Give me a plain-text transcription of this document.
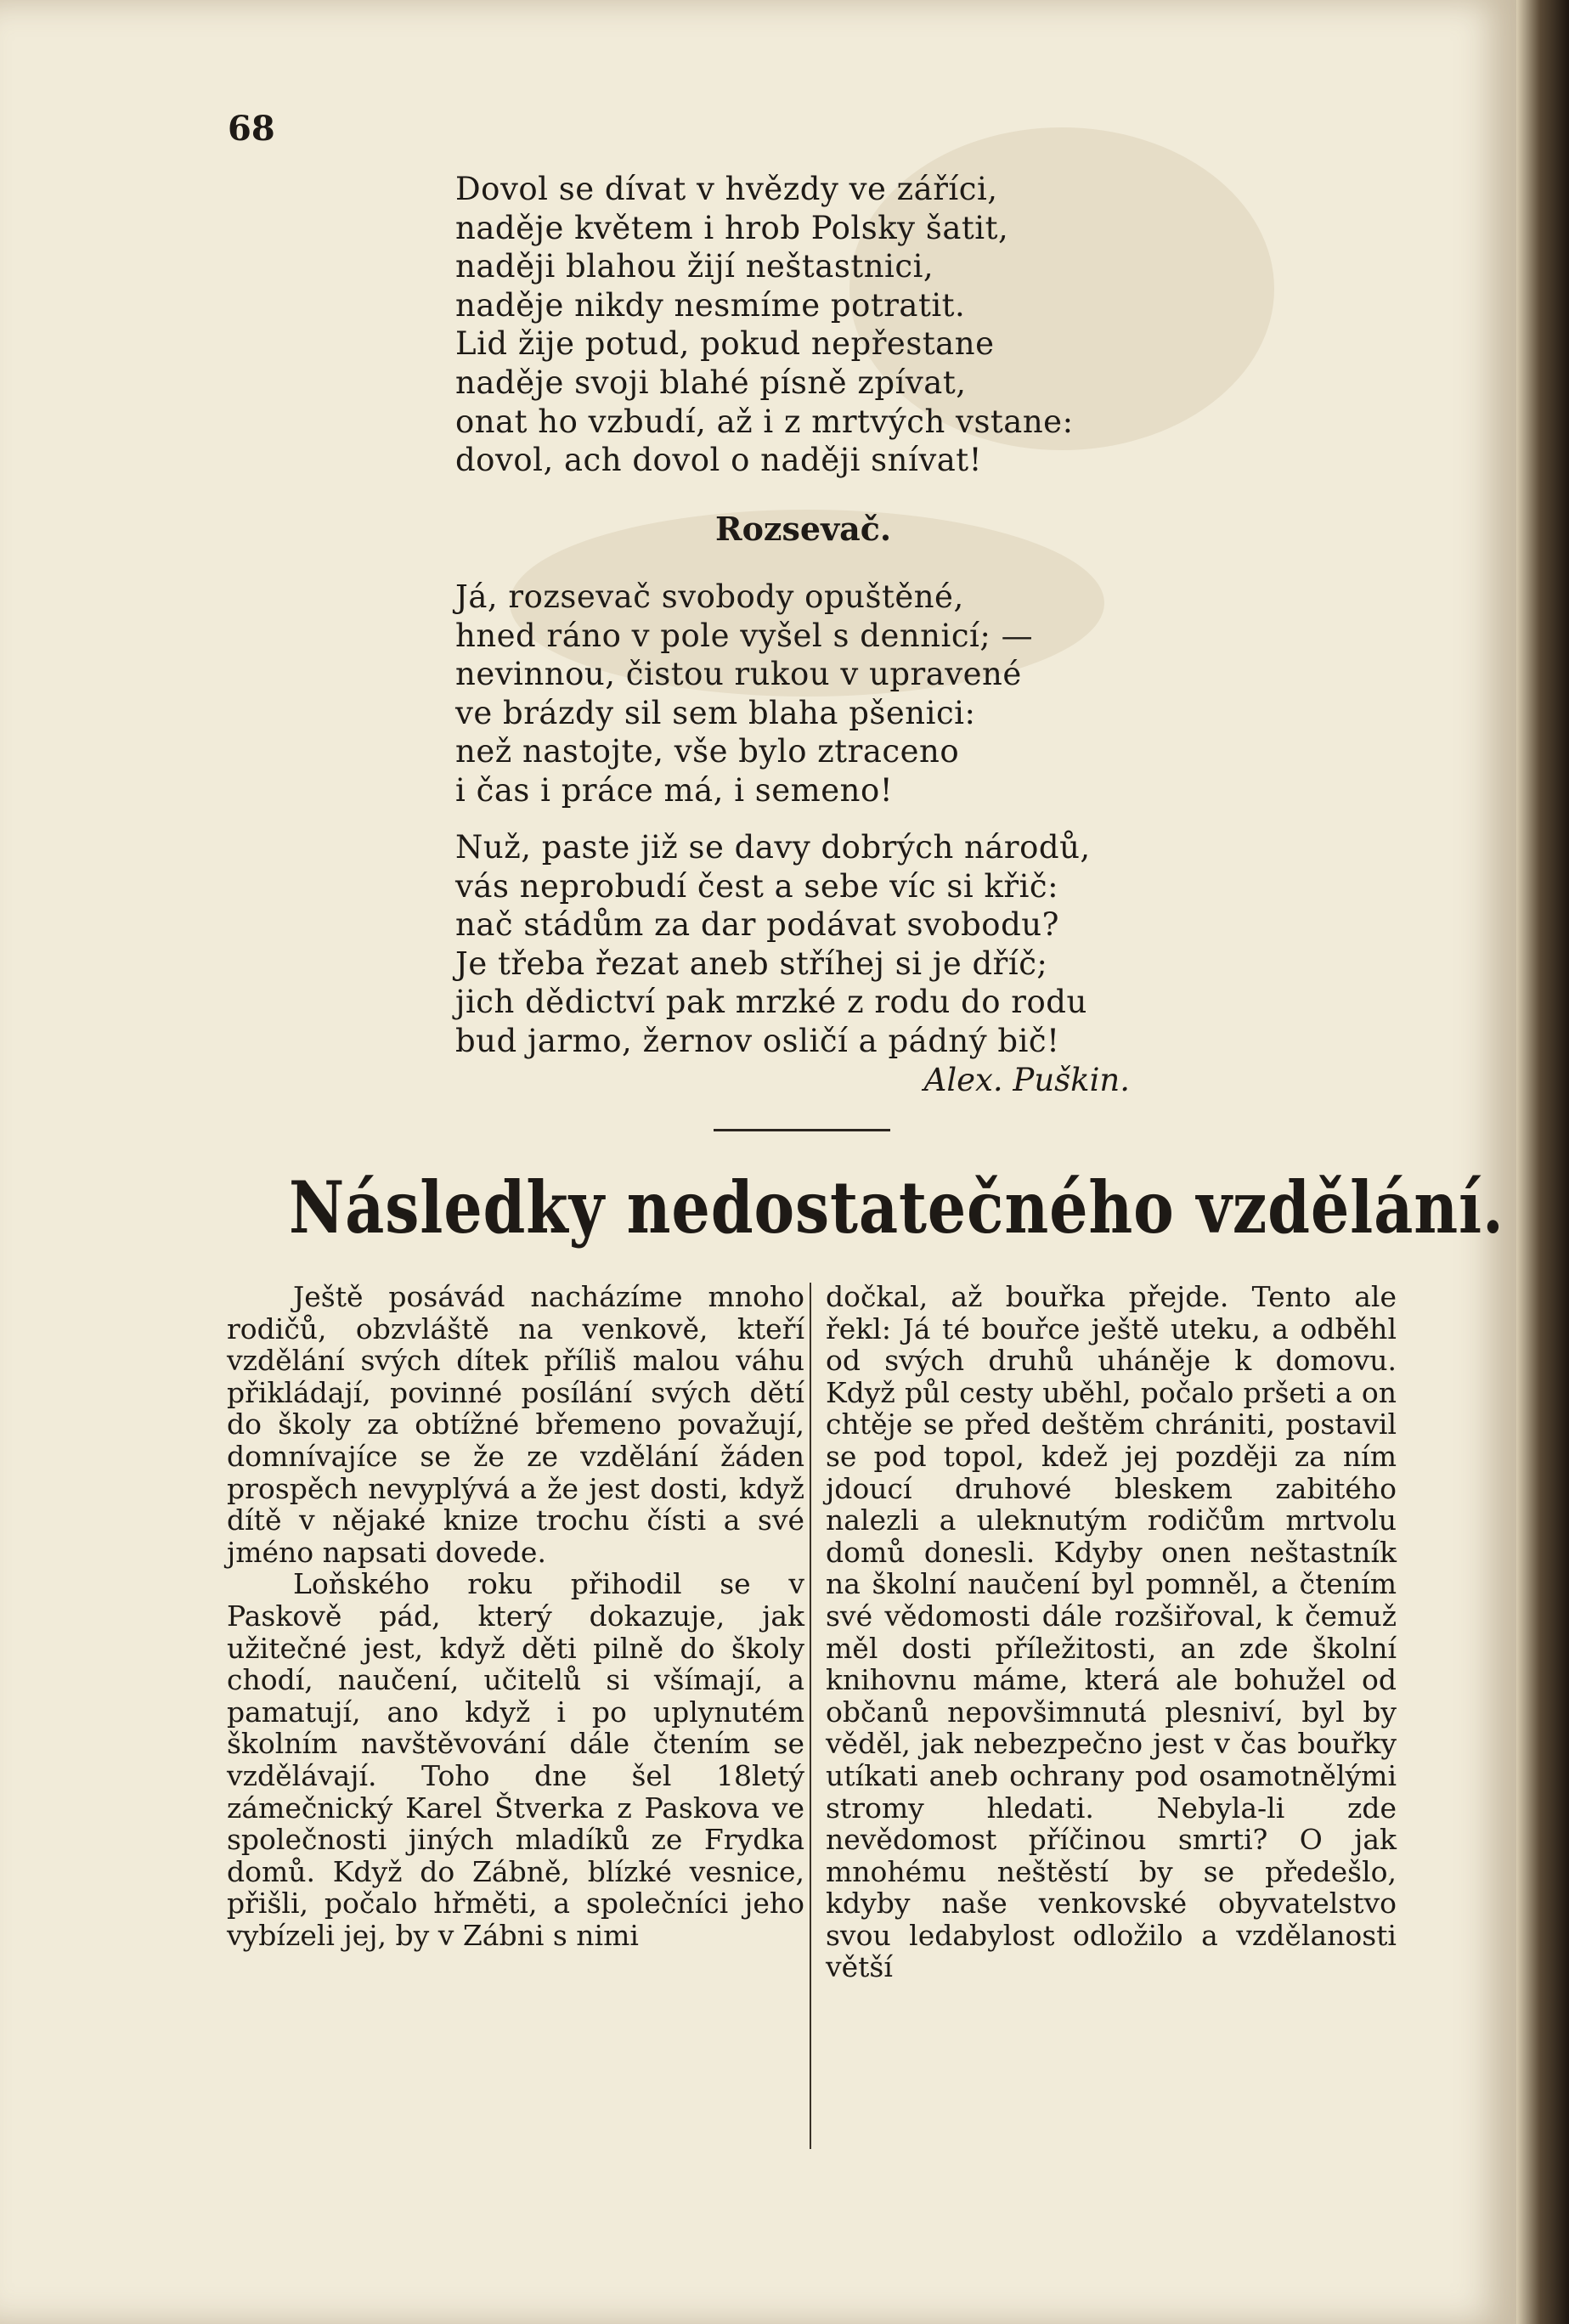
68
Dovol se dívat v hvězdy ve záříci,
naděje květem i hrob Polsky šatit,
naději blahou žijí neštastnici,
naděje nikdy nesmíme potratit.
Lid žije potud, pokud nepřestane
naděje svoji blahé písně zpívat,
onat ho vzbudí, až i z mrtvých vstane:
dovol, ach dovol o naději snívat!
Rozsevač.
Já, rozsevač svobody opuštěné,
hned ráno v pole vyšel s dennicí; —
nevinnou, čistou rukou v upravené
ve brázdy sil sem blaha pšenici:
než nastojte, vše bylo ztraceno
i čas i práce má, i semeno!
Nuž, paste již se davy dobrých národů,
vás neprobudí čest a sebe víc si křič:
nač stádům za dar podávat svobodu?
Je třeba řezat aneb stříhej si je dříč;
jich dědictví pak mrzké z rodu do rodu
bud jarmo, žernov osličí a pádný bič!
Alex. Puškin.
Následky nedostatečného vzdělání.

Ještě posávád nacházíme mnoho rodičů, obzvláště na venkově, kteří vzdělání svých dítek příliš malou váhu přikládají, povinné posílání svých dětí do školy za obtížné břemeno považují, domnívajíce se že ze vzdělání žáden prospěch nevyplývá a že jest dosti, když dítě v nějaké knize trochu čísti a své jméno napsati dovede.

Loňského roku přihodil se v Paskově pád, který dokazuje, jak užitečné jest, když děti pilně do školy chodí, naučení, učitelů si všímají, a pamatují, ano když i po uplynutém školním navštěvování dále čtením se vzdělávají. Toho dne šel 18letý zámečnický Karel Štverka z Paskova ve společnosti jiných mladíků ze Frydka domů. Když do Zábně, blízké vesnice, přišli, počalo hřměti, a společníci jeho vybízeli jej, by v Zábni s nimi

dočkal, až bouřka přejde. Tento ale řekl: Já té bouřce ještě uteku, a odběhl od svých druhů uháněje k domovu. Když půl cesty uběhl, počalo pršeti a on chtěje se před deštěm chrániti, postavil se pod topol, kdež jej později za ním jdoucí druhové bleskem zabitého nalezli a uleknutým rodičům mrtvolu domů donesli. Kdyby onen neštastník na školní naučení byl pomněl, a čtením své vědomosti dále rozšiřoval, k čemuž měl dosti příležitosti, an zde školní knihovnu máme, která ale bohužel od občanů nepovšimnutá plesniví, byl by věděl, jak nebezpečno jest v čas bouřky utíkati aneb ochrany pod osamotnělými stromy hledati. Nebyla-li zde nevědomost příčinou smrti? O jak mnohému neštěstí by se předešlo, kdyby naše venkovské obyvatelstvo svou ledabylost odložilo a vzdělanosti větší
